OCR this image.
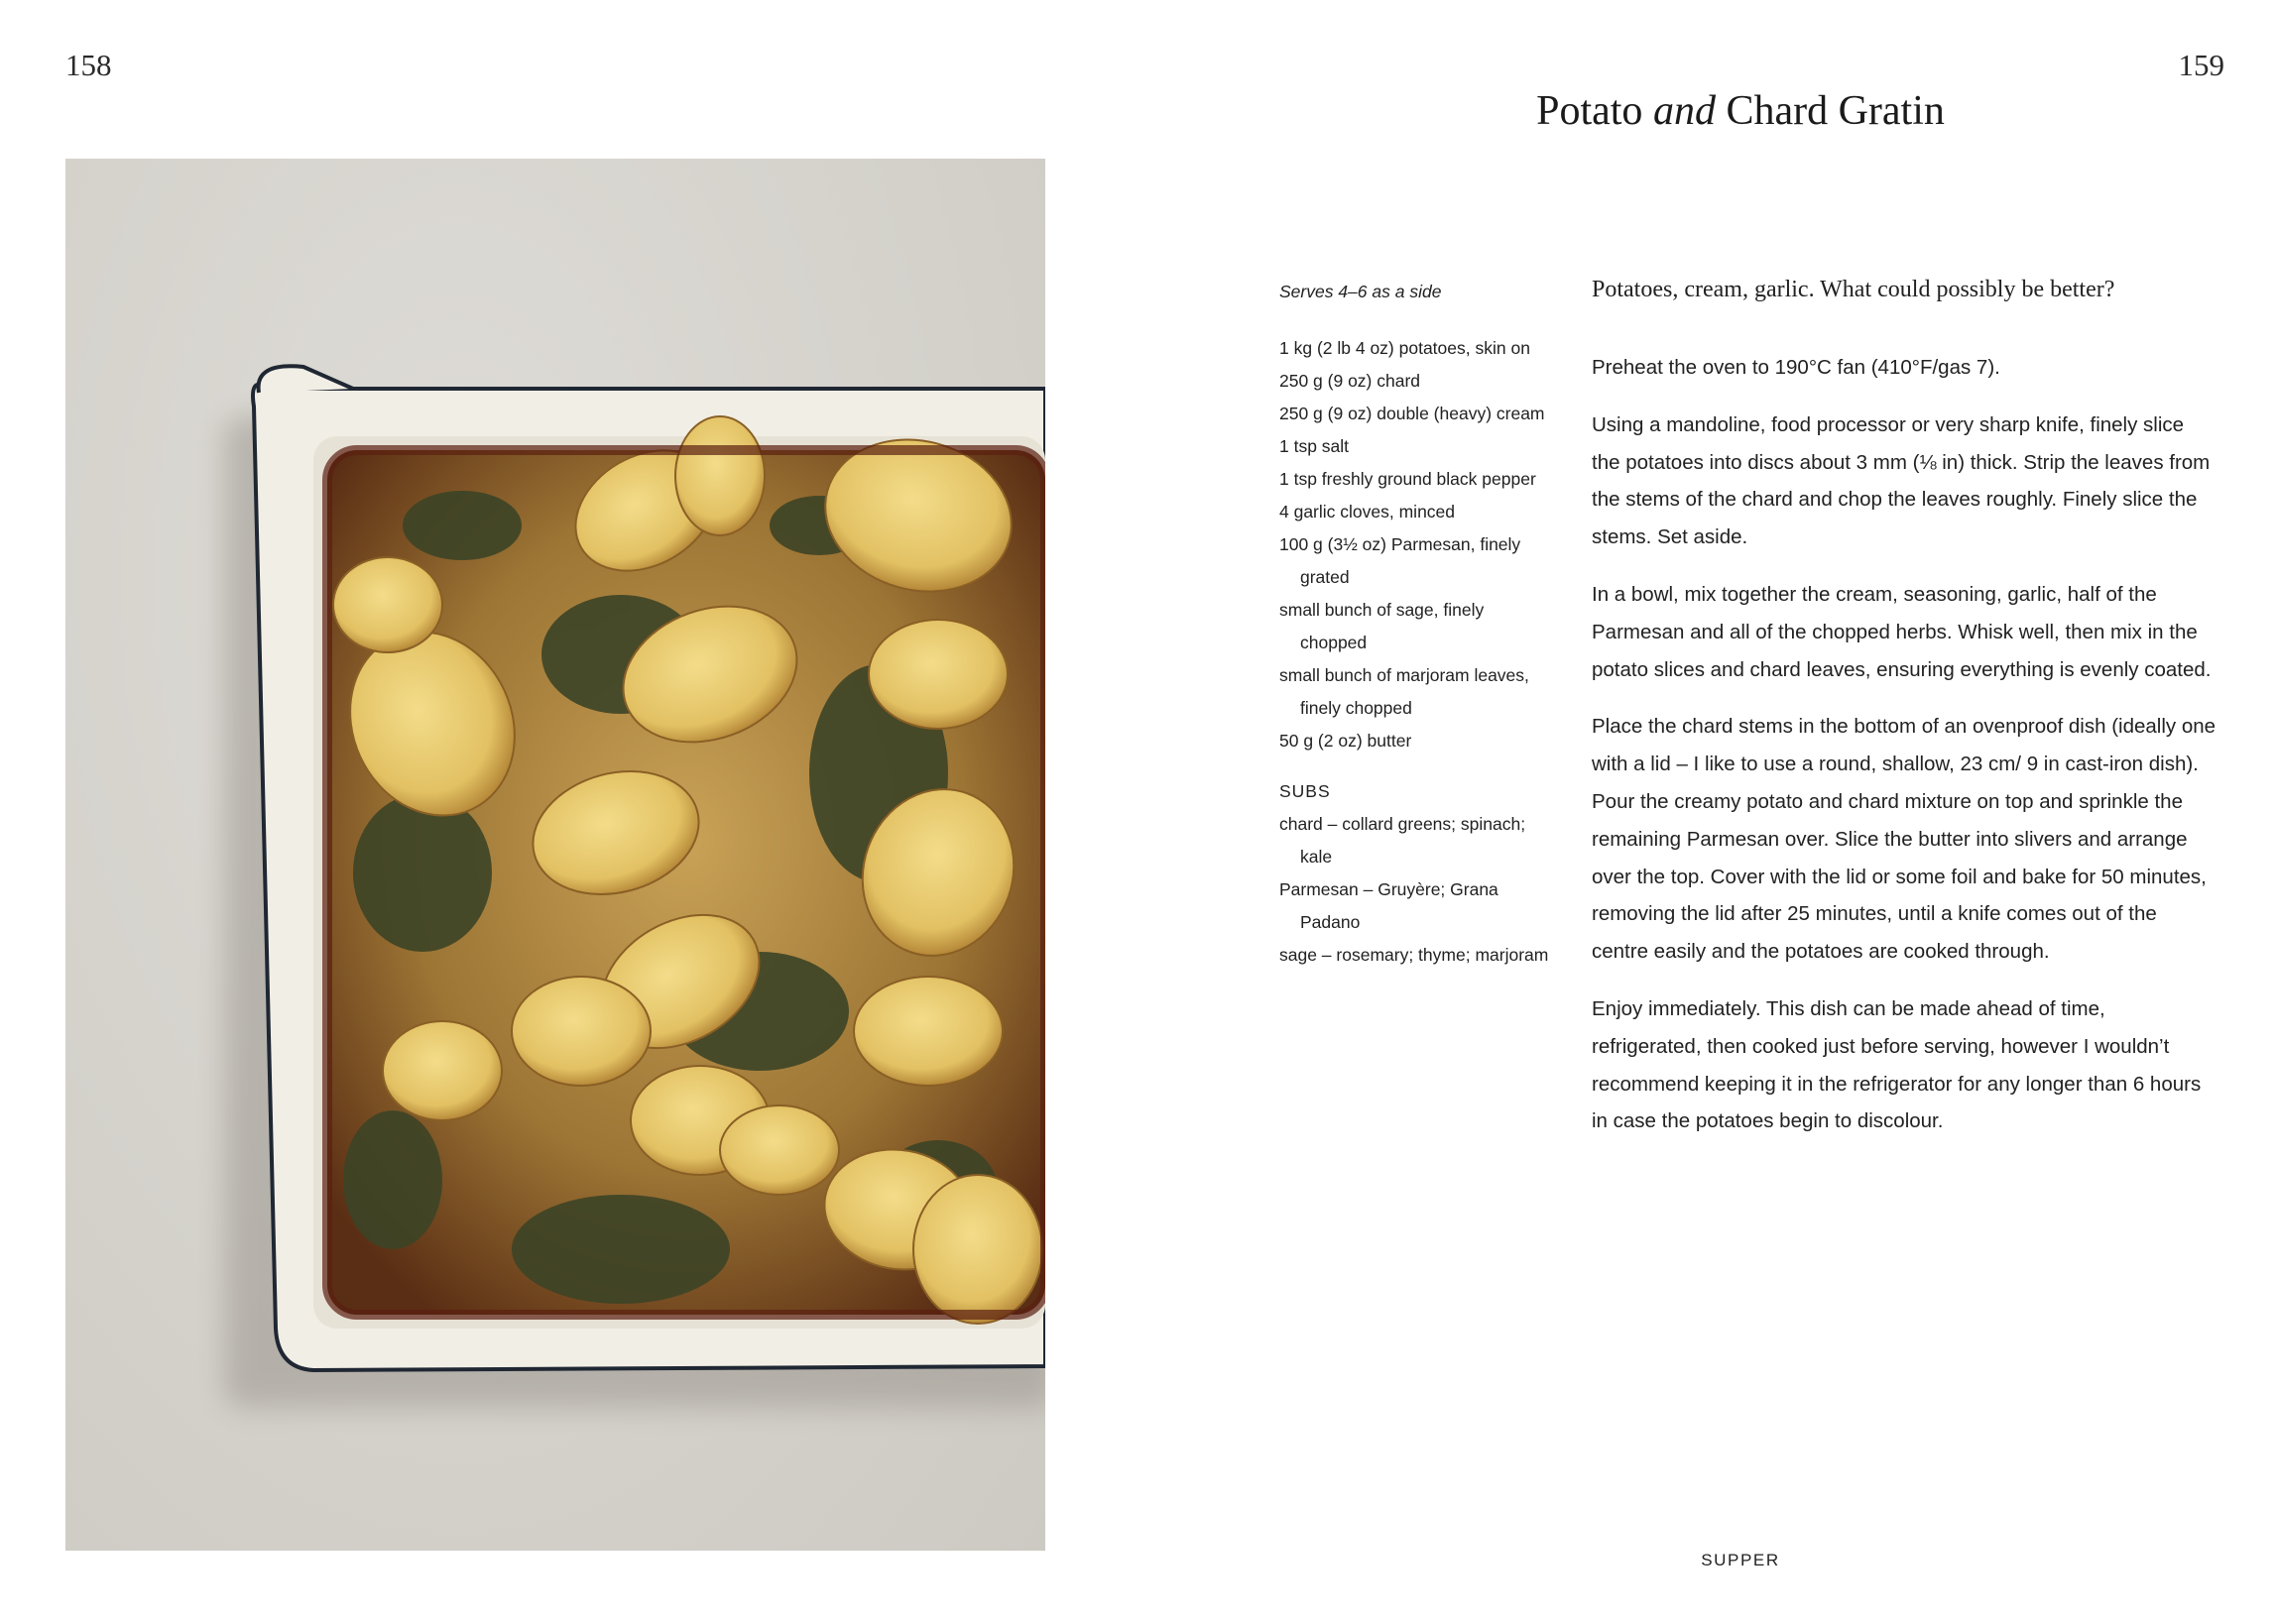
158	159
Potato and Chard Gratin
Serves 4–6 as a side
1 kg (2 lb 4 oz) potatoes, skin on
250 g (9 oz) chard
250 g (9 oz) double (heavy) cream
1 tsp salt
1 tsp freshly ground black pepper
4 garlic cloves, minced
100 g (3½ oz) Parmesan, finely grated
small bunch of sage, finely chopped
small bunch of marjoram leaves, finely chopped
50 g (2 oz) butter
SUBS
chard – collard greens; spinach; kale
Parmesan – Gruyère; Grana Padano
sage – rosemary; thyme; marjoram

Potatoes, cream, garlic. What could possibly be better?

Preheat the oven to 190°C fan (410°F/gas 7).

Using a mandoline, food processor or very sharp knife, finely slice the potatoes into discs about 3 mm (⅛ in) thick. Strip the leaves from the stems of the chard and chop the leaves roughly. Finely slice the stems. Set aside.

In a bowl, mix together the cream, seasoning, garlic, half of the Parmesan and all of the chopped herbs. Whisk well, then mix in the potato slices and chard leaves, ensuring everything is evenly coated.

Place the chard stems in the bottom of an ovenproof dish (ideally one with a lid – I like to use a round, shallow, 23 cm/ 9 in cast-iron dish). Pour the creamy potato and chard mixture on top and sprinkle the remaining Parmesan over. Slice the butter into slivers and arrange over the top. Cover with the lid or some foil and bake for 50 minutes, removing the lid after 25 minutes, until a knife comes out of the centre easily and the potatoes are cooked through.

Enjoy immediately. This dish can be made ahead of time, refrigerated, then cooked just before serving, however I wouldn’t recommend keeping it in the refrigerator for any longer than 6 hours in case the potatoes begin to discolour.

SUPPER
